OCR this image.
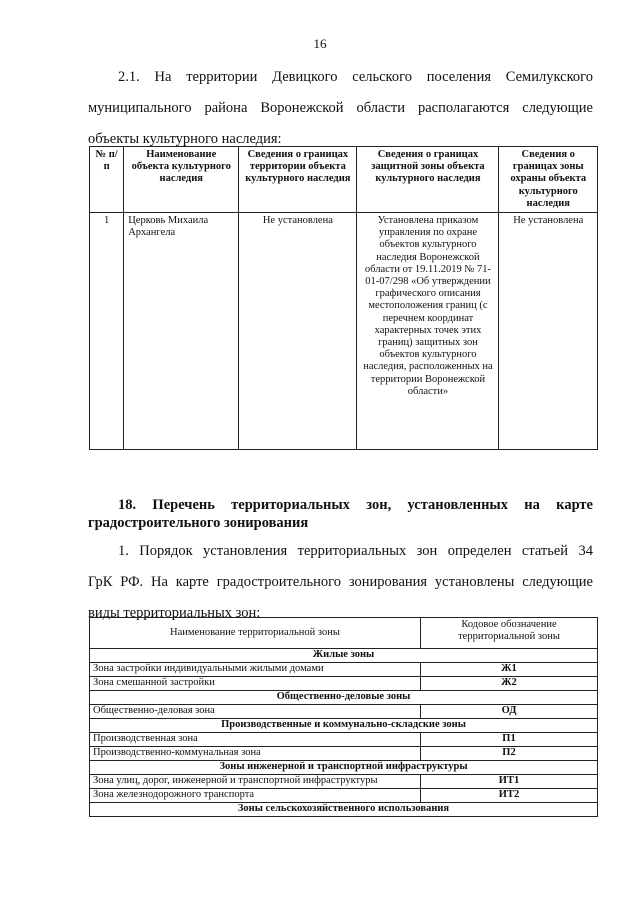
16
2.1. На территории Девицкого сельского поселения Семилукского
муниципального района Воронежской области располагаются следующие
объекты культурного наследия:
№ п/п	Наименование объекта культурного наследия	Сведения о границах территории объекта культурного наследия	Сведения о границах защитной зоны объекта культурного наследия	Сведения о границах зоны охраны объекта культурного наследия
1	Церковь Михаила Архангела	Не установлена	Установлена приказом управления по охране объектов культурного наследия Воронежской области от 19.11.2019 № 71-01-07/298 «Об утверждении графического описания местоположения границ (с перечнем координат характерных точек этих границ) защитных зон объектов культурного наследия, расположенных на территории Воронежской области»	Не установлена
18. Перечень территориальных зон, установленных на карте
градостроительного зонирования
1. Порядок установления территориальных зон определен статьей 34
ГрК РФ. На карте градостроительного зонирования установлены следующие
виды территориальных зон:
Наименование территориальной зоны	Кодовое обозначение территориальной зоны
Жилые зоны	
Зона застройки индивидуальными жилыми домами	Ж1
Зона смешанной застройки	Ж2
Общественно-деловые зоны	
Общественно-деловая зона	ОД
Производственные и коммунально-складские зоны	
Производственная зона	П1
Производственно-коммунальная зона	П2
Зоны инженерной и транспортной инфраструктуры	
Зона улиц, дорог, инженерной и транспортной инфраструктуры	ИТ1
Зона железнодорожного транспорта	ИТ2
Зоны сельскохозяйственного использования	
